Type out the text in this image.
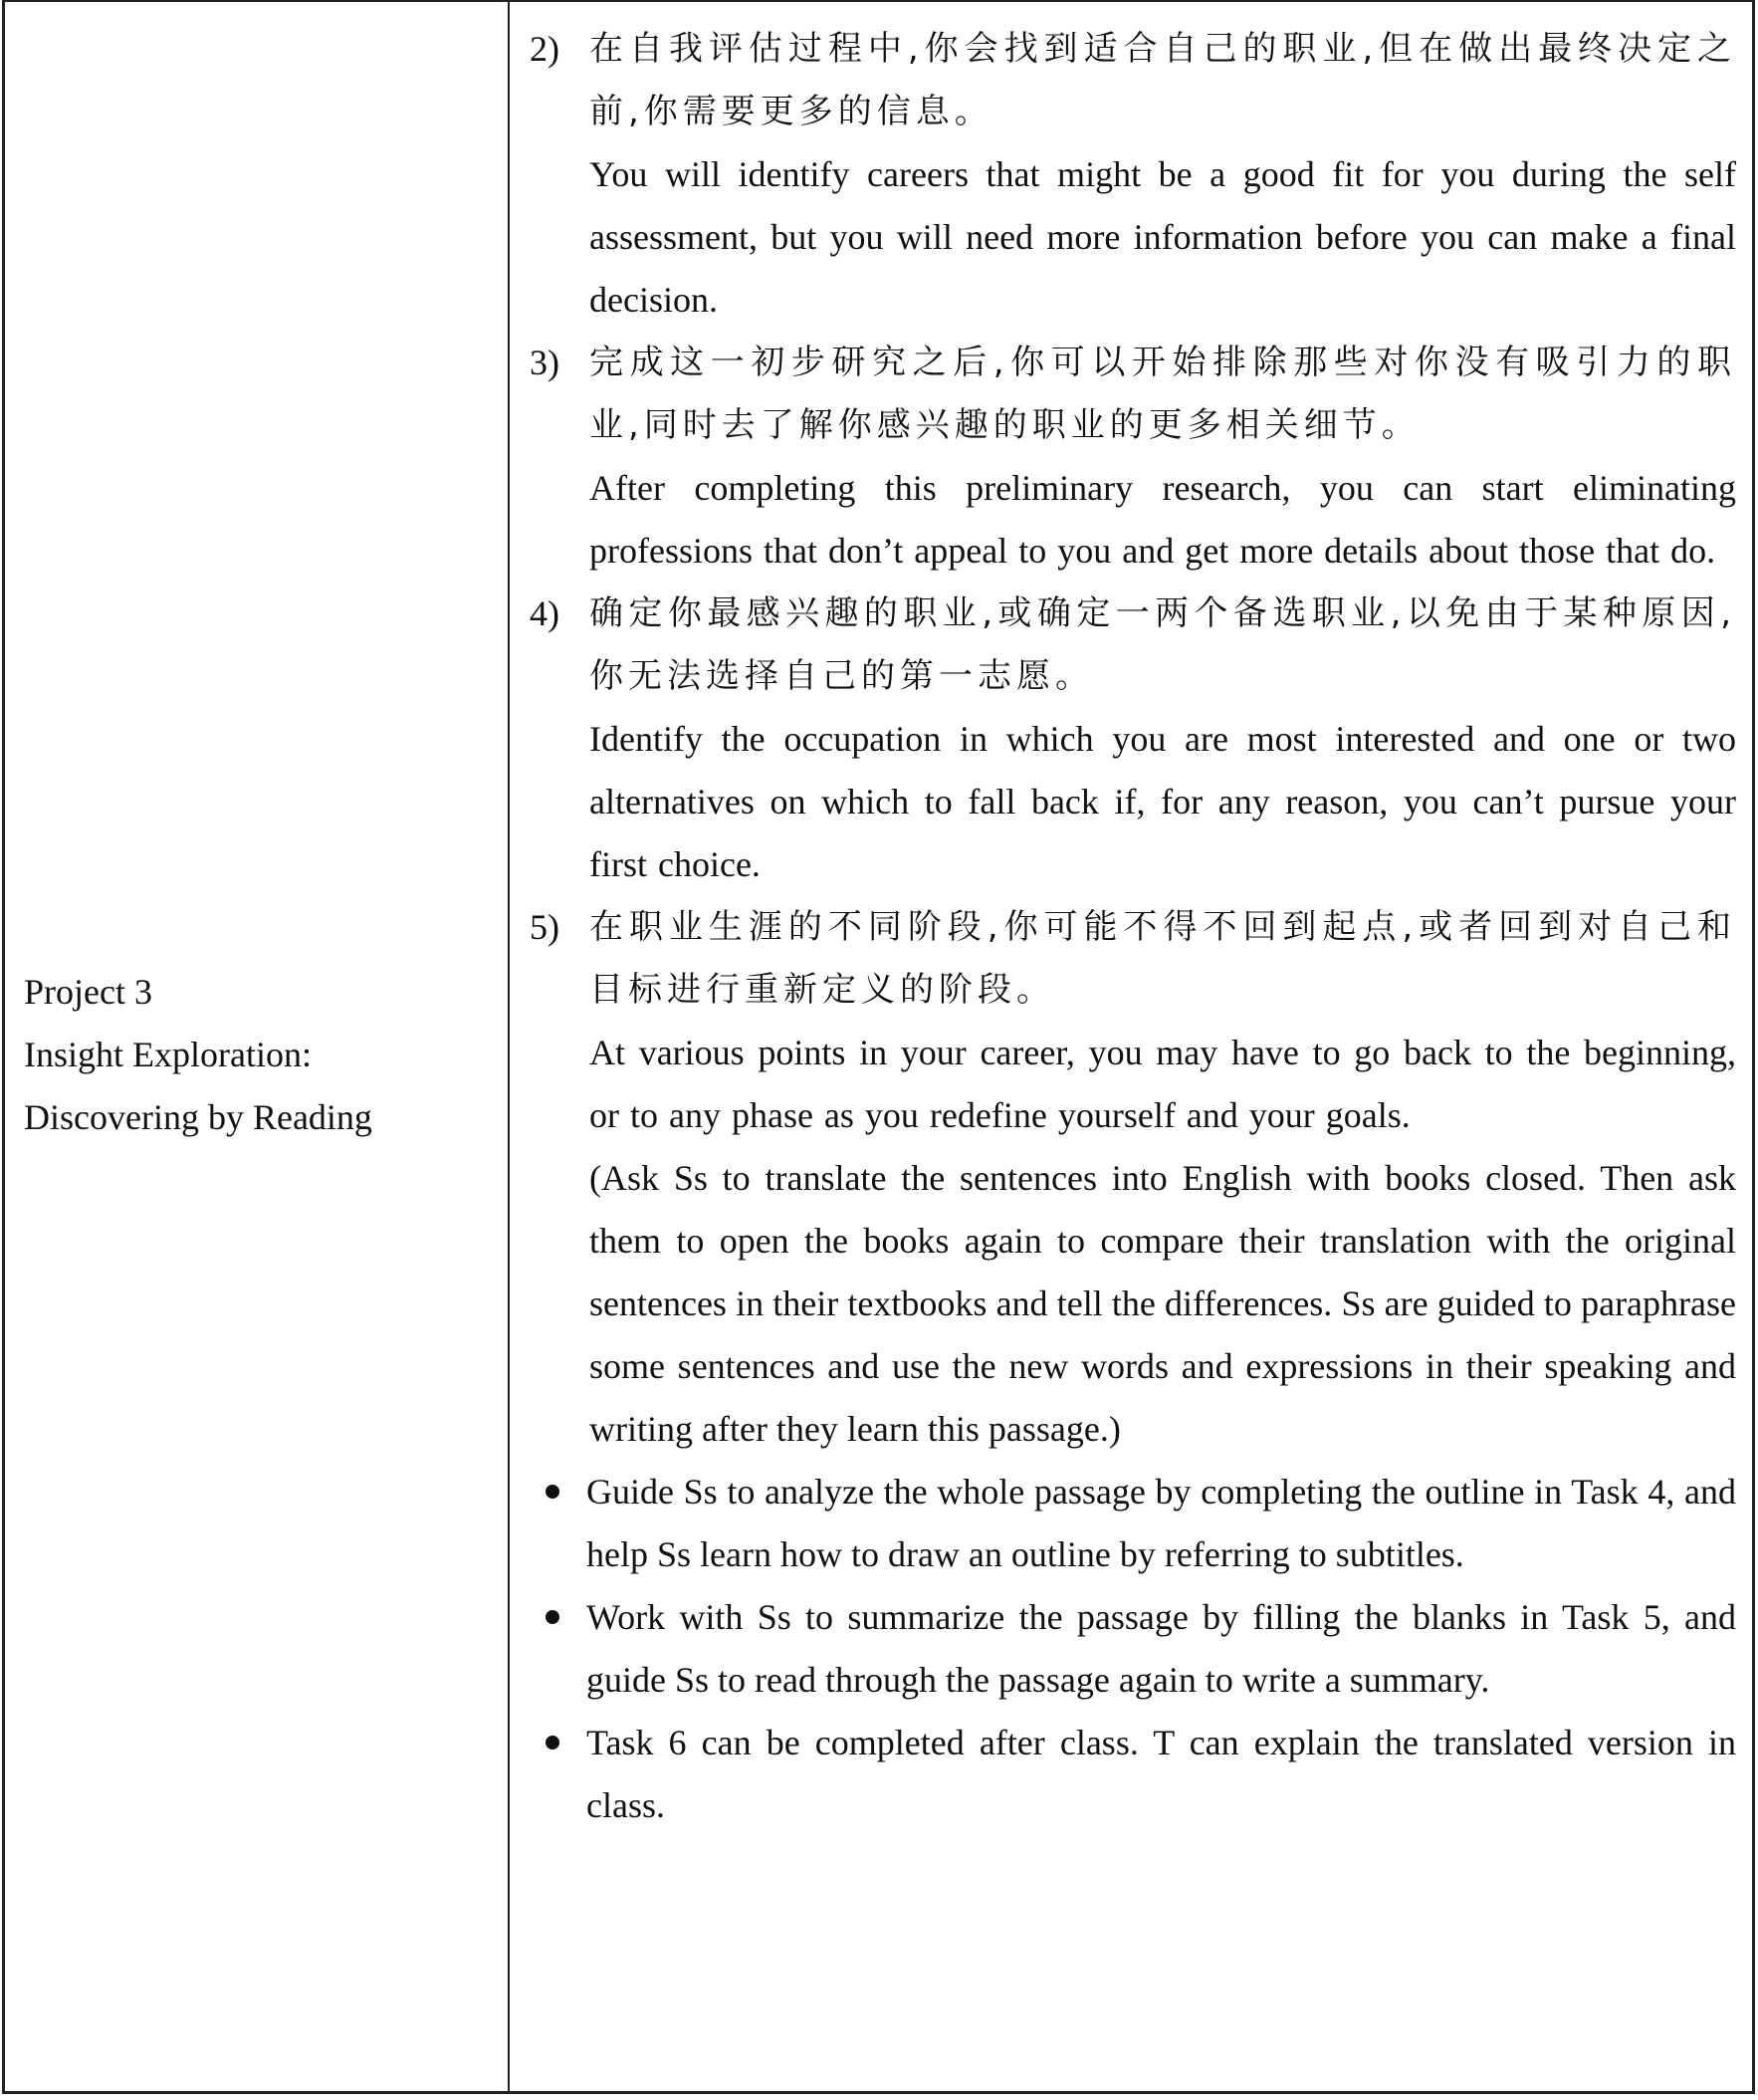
Project 3
Insight Exploration:
Discovering by Reading
2) 在自我评估过程中,你会找到适合自己的职业,但在做出最终决定之前,你需要更多的信息。
You will identify careers that might be a good fit for you during the self assessment, but you will need more information before you can make a final decision.
3) 完成这一初步研究之后,你可以开始排除那些对你没有吸引力的职业,同时去了解你感兴趣的职业的更多相关细节。
After completing this preliminary research, you can start eliminating professions that don’t appeal to you and get more details about those that do.
4) 确定你最感兴趣的职业,或确定一两个备选职业,以免由于某种原因,你无法选择自己的第一志愿。
Identify the occupation in which you are most interested and one or two alternatives on which to fall back if, for any reason, you can’t pursue your first choice.
5) 在职业生涯的不同阶段,你可能不得不回到起点,或者回到对自己和目标进行重新定义的阶段。
At various points in your career, you may have to go back to the beginning, or to any phase as you redefine yourself and your goals.
(Ask Ss to translate the sentences into English with books closed. Then ask them to open the books again to compare their translation with the original sentences in their textbooks and tell the differences. Ss are guided to paraphrase some sentences and use the new words and expressions in their speaking and writing after they learn this passage.)
Guide Ss to analyze the whole passage by completing the outline in Task 4, and help Ss learn how to draw an outline by referring to subtitles.
Work with Ss to summarize the passage by filling the blanks in Task 5, and guide Ss to read through the passage again to write a summary.
Task 6 can be completed after class. T can explain the translated version in class.
